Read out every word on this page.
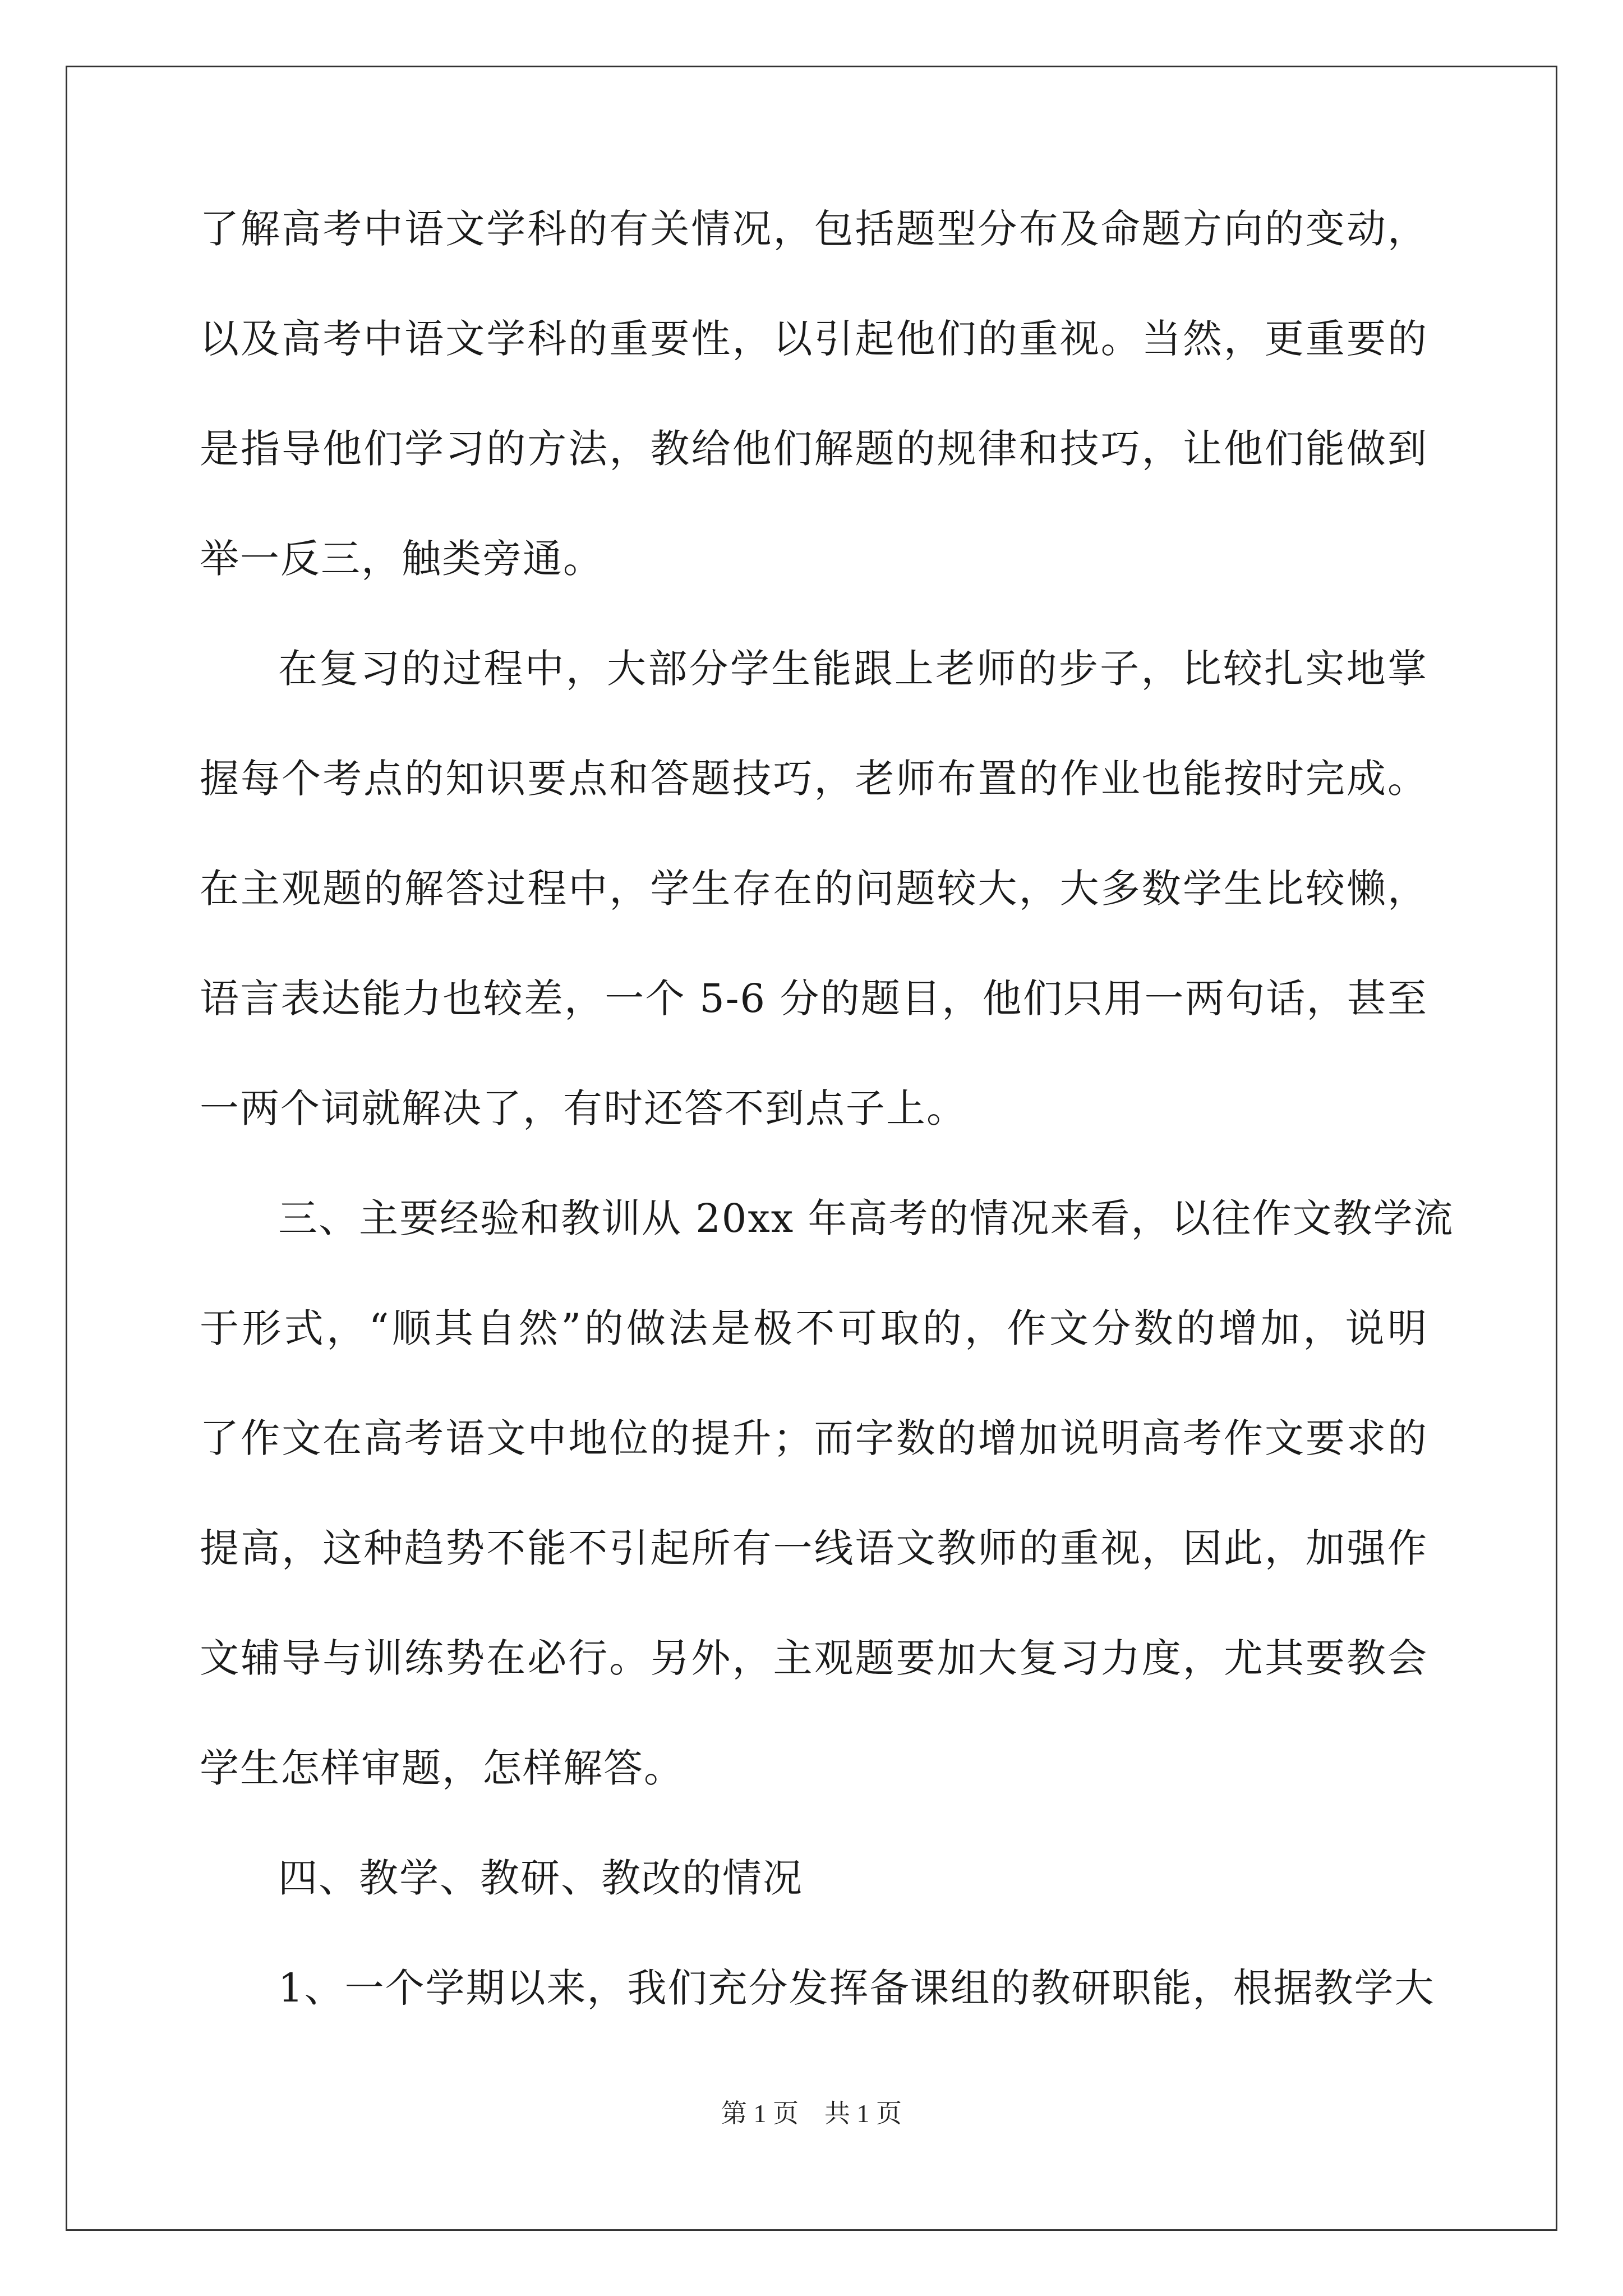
了解高考中语文学科的有关情况，包括题型分布及命题方向的变动，
以及高考中语文学科的重要性，以引起他们的重视。当然，更重要的
是指导他们学习的方法，教给他们解题的规律和技巧，让他们能做到
举一反三，触类旁通。
在复习的过程中，大部分学生能跟上老师的步子，比较扎实地掌
握每个考点的知识要点和答题技巧，老师布置的作业也能按时完成。
在主观题的解答过程中，学生存在的问题较大，大多数学生比较懒，
语言表达能力也较差，一个 5-6 分的题目，他们只用一两句话，甚至
一两个词就解决了，有时还答不到点子上。
三、主要经验和教训从 20xx 年高考的情况来看，以往作文教学流
于形式，“顺其自然”的做法是极不可取的，作文分数的增加，说明
了作文在高考语文中地位的提升；而字数的增加说明高考作文要求的
提高，这种趋势不能不引起所有一线语文教师的重视，因此，加强作
文辅导与训练势在必行。另外，主观题要加大复习力度，尤其要教会
学生怎样审题，怎样解答。
四、教学、教研、教改的情况
1、一个学期以来，我们充分发挥备课组的教研职能，根据教学大
第 1 页 共 1 页
